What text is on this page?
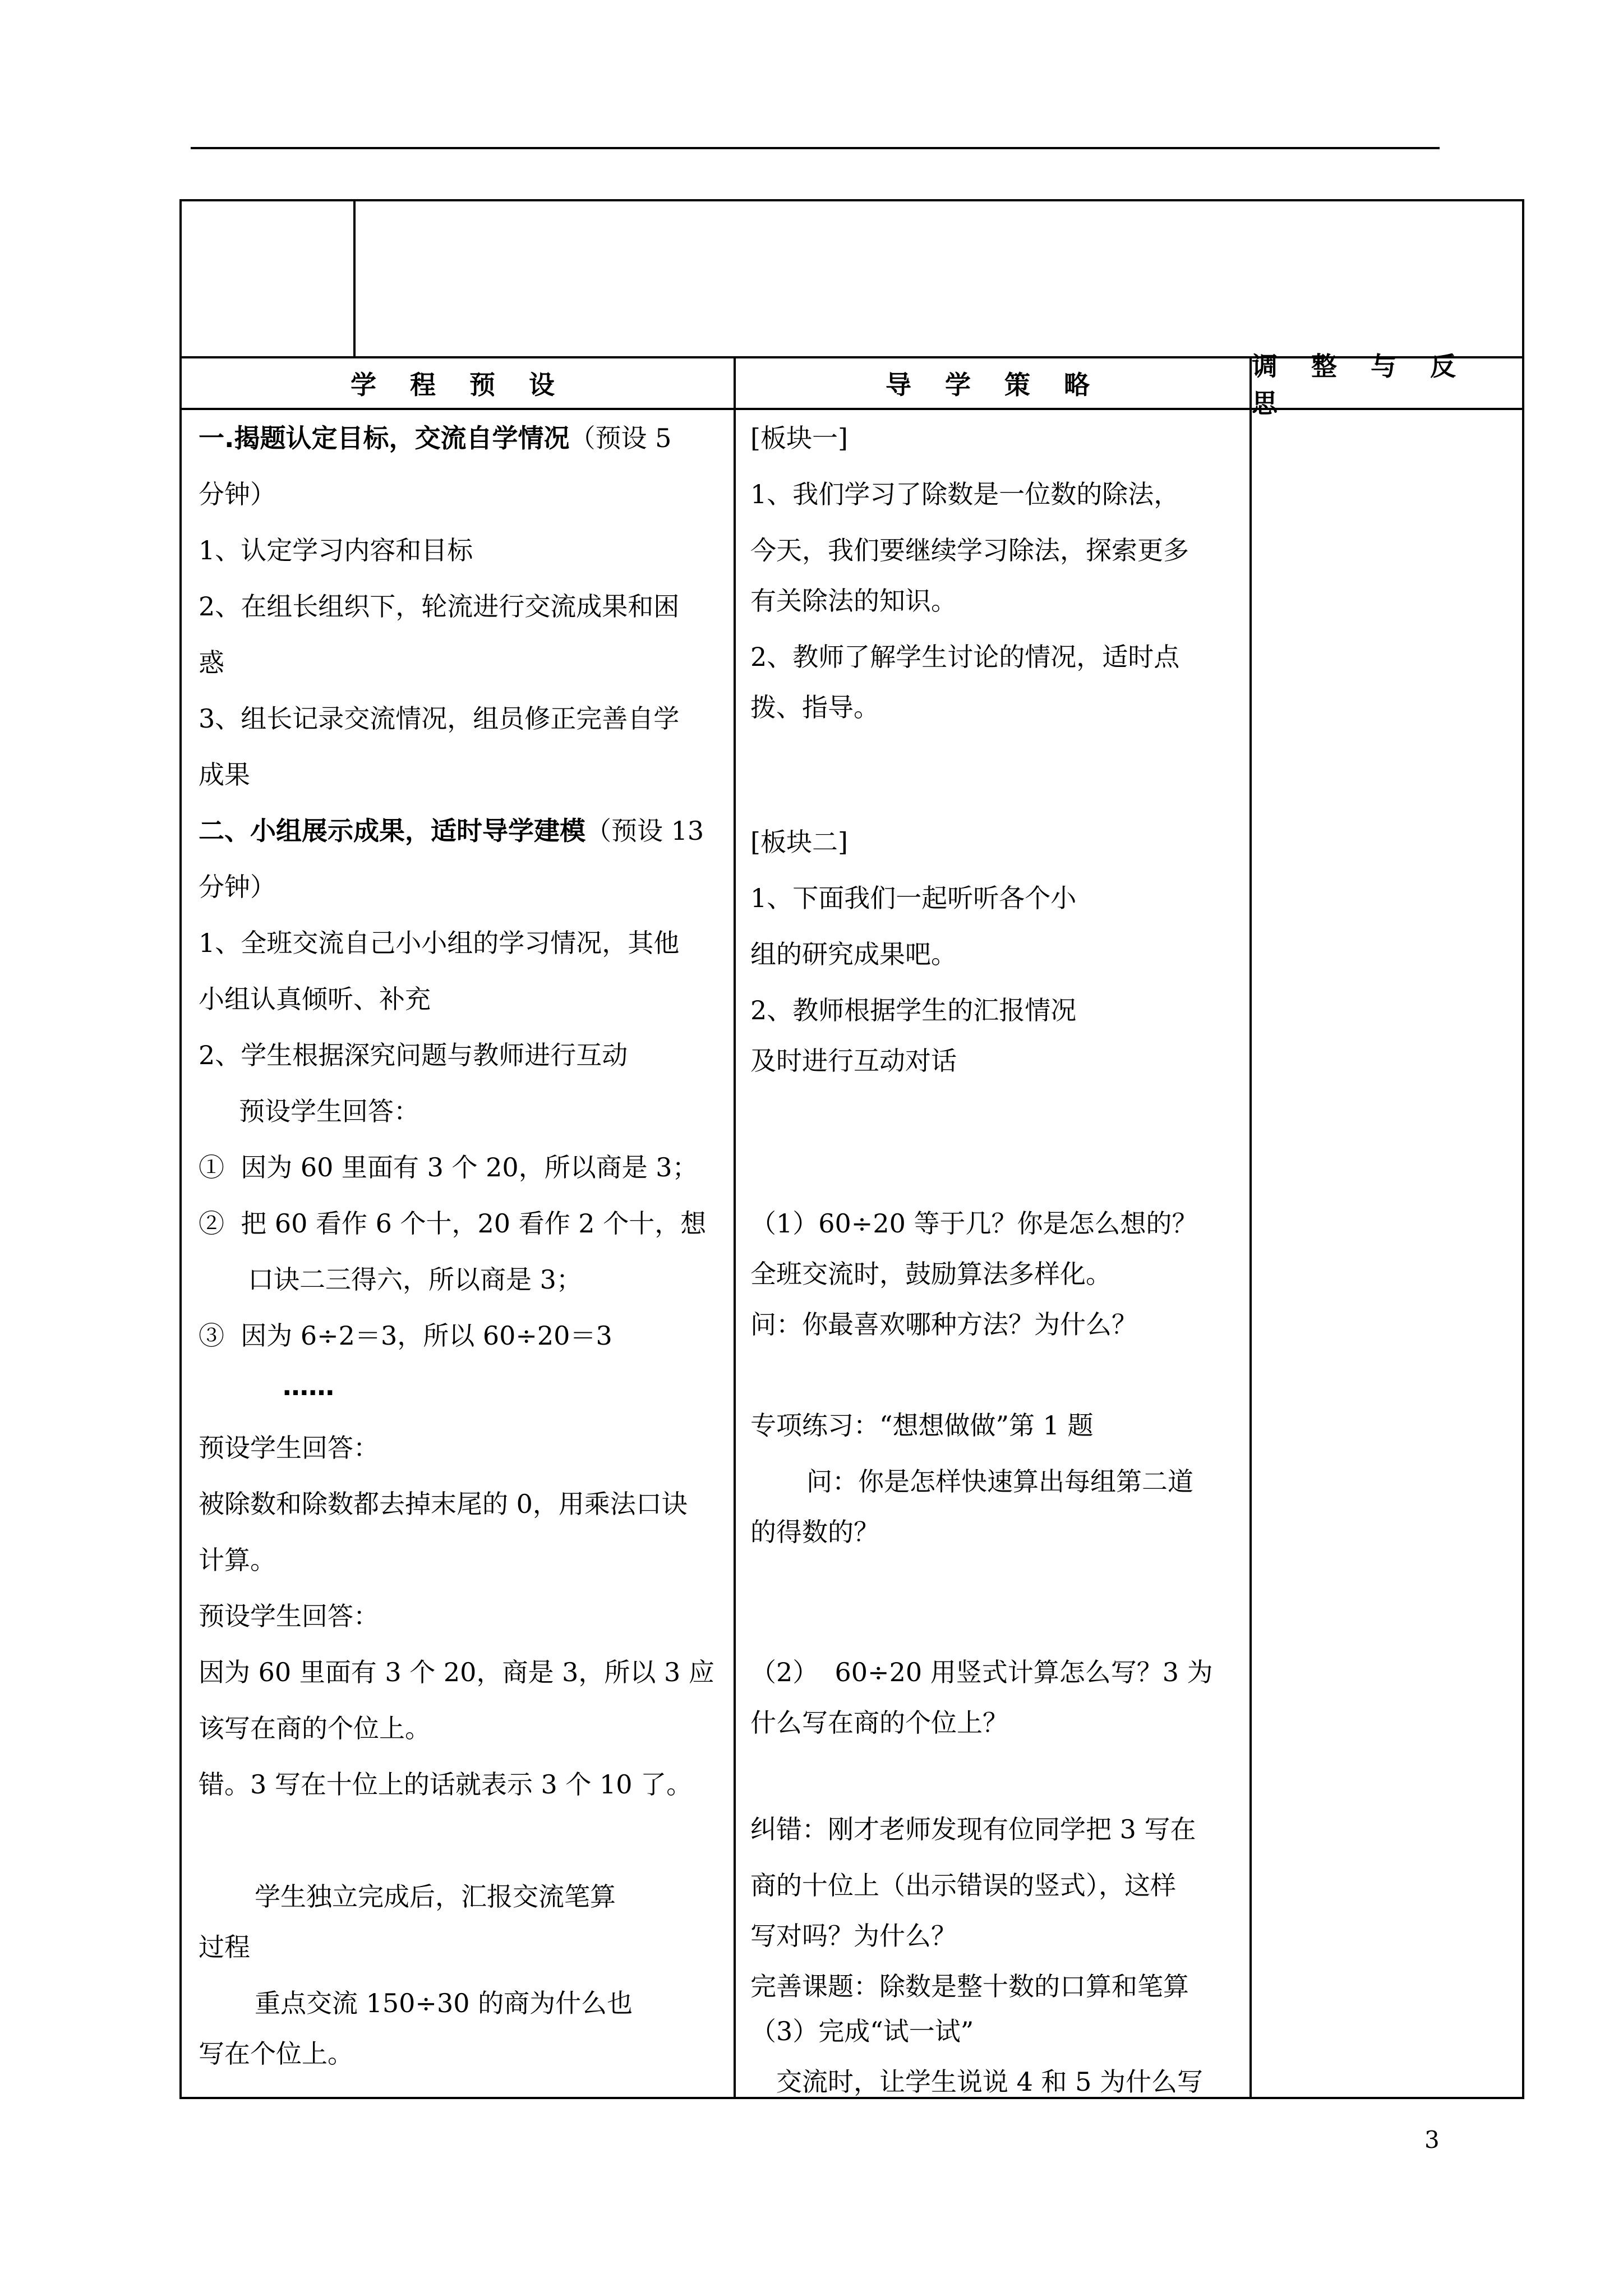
学 程 预 设	导 学 策 略
调 整 与 反 思
一.揭题认定目标，交流自学情况（预设 5
分钟）
1、认定学习内容和目标
2、在组长组织下，轮流进行交流成果和困
惑
3、组长记录交流情况，组员修正完善自学
成果
二、小组展示成果，适时导学建模（预设 13
分钟）
1、全班交流自己小小组的学习情况，其他
小组认真倾听、补充
2、学生根据深究问题与教师进行互动
预设学生回答：
①  因为 60 里面有 3 个 20，所以商是 3；
②  把 60 看作 6 个十，20 看作 2 个十，想
口诀二三得六，所以商是 3；
③  因为 6÷2＝3，所以 60÷20＝3
……
预设学生回答：
被除数和除数都去掉末尾的 0，用乘法口诀
计算。
预设学生回答：
因为 60 里面有 3 个 20，商是 3，所以 3 应
该写在商的个位上。
错。3 写在十位上的话就表示 3 个 10 了。
学生独立完成后，汇报交流笔算
过程
重点交流 150÷30 的商为什么也
写在个位上。
[板块一]
1、我们学习了除数是一位数的除法，
今天，我们要继续学习除法，探索更多
有关除法的知识。
2、教师了解学生讨论的情况，适时点
拨、指导。
[板块二]
1、下面我们一起听听各个小
组的研究成果吧。
2、教师根据学生的汇报情况
及时进行互动对话
（1）60÷20 等于几？你是怎么想的？
全班交流时，鼓励算法多样化。
问：你最喜欢哪种方法？为什么？
专项练习：“想想做做”第 1 题
问：你是怎样快速算出每组第二道
的得数的？
（2）  60÷20 用竖式计算怎么写？3 为
什么写在商的个位上？
纠错：刚才老师发现有位同学把 3 写在
商的十位上（出示错误的竖式），这样
写对吗？为什么？
完善课题：除数是整十数的口算和笔算
（3）完成“试一试”
交流时，让学生说说 4 和 5 为什么写
3
